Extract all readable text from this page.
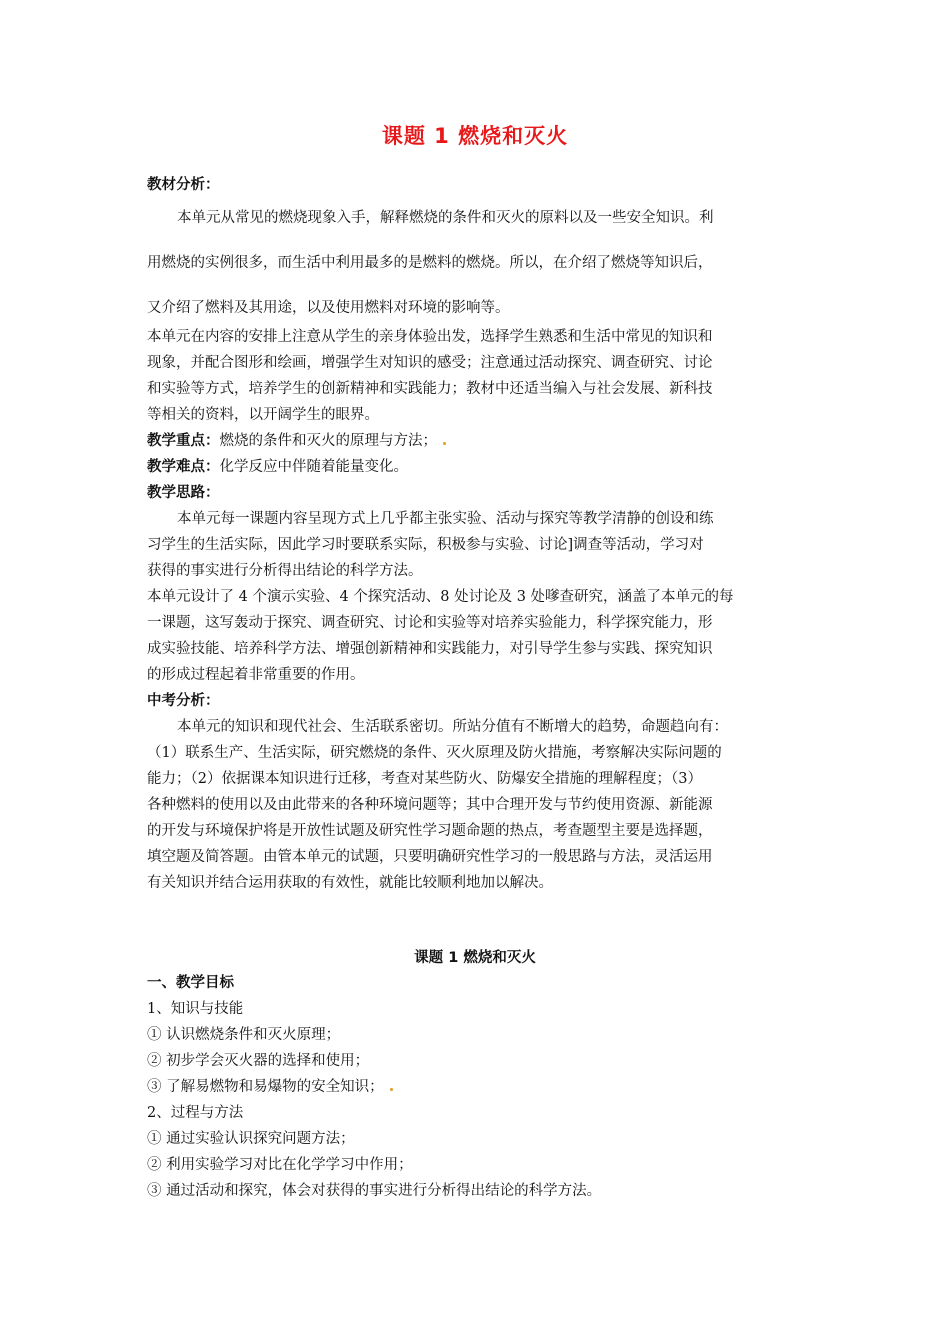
课题 1 燃烧和灭火
教材分析：
本单元从常见的燃烧现象入手，解释燃烧的条件和灭火的原料以及一些安全知识。利
用燃烧的实例很多，而生活中利用最多的是燃料的燃烧。所以，在介绍了燃烧等知识后，
又介绍了燃料及其用途，以及使用燃料对环境的影响等。
本单元在内容的安排上注意从学生的亲身体验出发，选择学生熟悉和生活中常见的知识和
现象，并配合图形和绘画，增强学生对知识的感受；注意通过活动探究、调查研究、讨论
和实验等方式，培养学生的创新精神和实践能力；教材中还适当编入与社会发展、新科技
等相关的资料，以开阔学生的眼界。
教学重点：燃烧的条件和灭火的原理与方法；
教学难点：化学反应中伴随着能量变化。
教学思路：
本单元每一课题内容呈现方式上几乎都主张实验、活动与探究等教学清静的创设和练
习学生的生活实际，因此学习时要联系实际，积极参与实验、讨论]调查等活动，学习对
获得的事实进行分析得出结论的科学方法。
本单元设计了 4 个演示实验、4 个探究活动、8 处讨论及 3 处嗲查研究，涵盖了本单元的每
一课题，这写轰动于探究、调查研究、讨论和实验等对培养实验能力，科学探究能力，形
成实验技能、培养科学方法、增强创新精神和实践能力，对引导学生参与实践、探究知识
的形成过程起着非常重要的作用。
中考分析：
本单元的知识和现代社会、生活联系密切。所站分值有不断增大的趋势，命题趋向有：
（1）联系生产、生活实际，研究燃烧的条件、灭火原理及防火措施，考察解决实际问题的
能力；（2）依据课本知识进行迁移，考查对某些防火、防爆安全措施的理解程度；（3）
各种燃料的使用以及由此带来的各种环境问题等；其中合理开发与节约使用资源、新能源
的开发与环境保护将是开放性试题及研究性学习题命题的热点，考查题型主要是选择题，
填空题及简答题。由管本单元的试题，只要明确研究性学习的一般思路与方法，灵活运用
有关知识并结合运用获取的有效性，就能比较顺利地加以解决。
课题 1 燃烧和灭火
一、教学目标
1、知识与技能
① 认识燃烧条件和灭火原理；
② 初步学会灭火器的选择和使用；
③ 了解易燃物和易爆物的安全知识；
2、过程与方法
① 通过实验认识探究问题方法；
② 利用实验学习对比在化学学习中作用；
③ 通过活动和探究，体会对获得的事实进行分析得出结论的科学方法。
